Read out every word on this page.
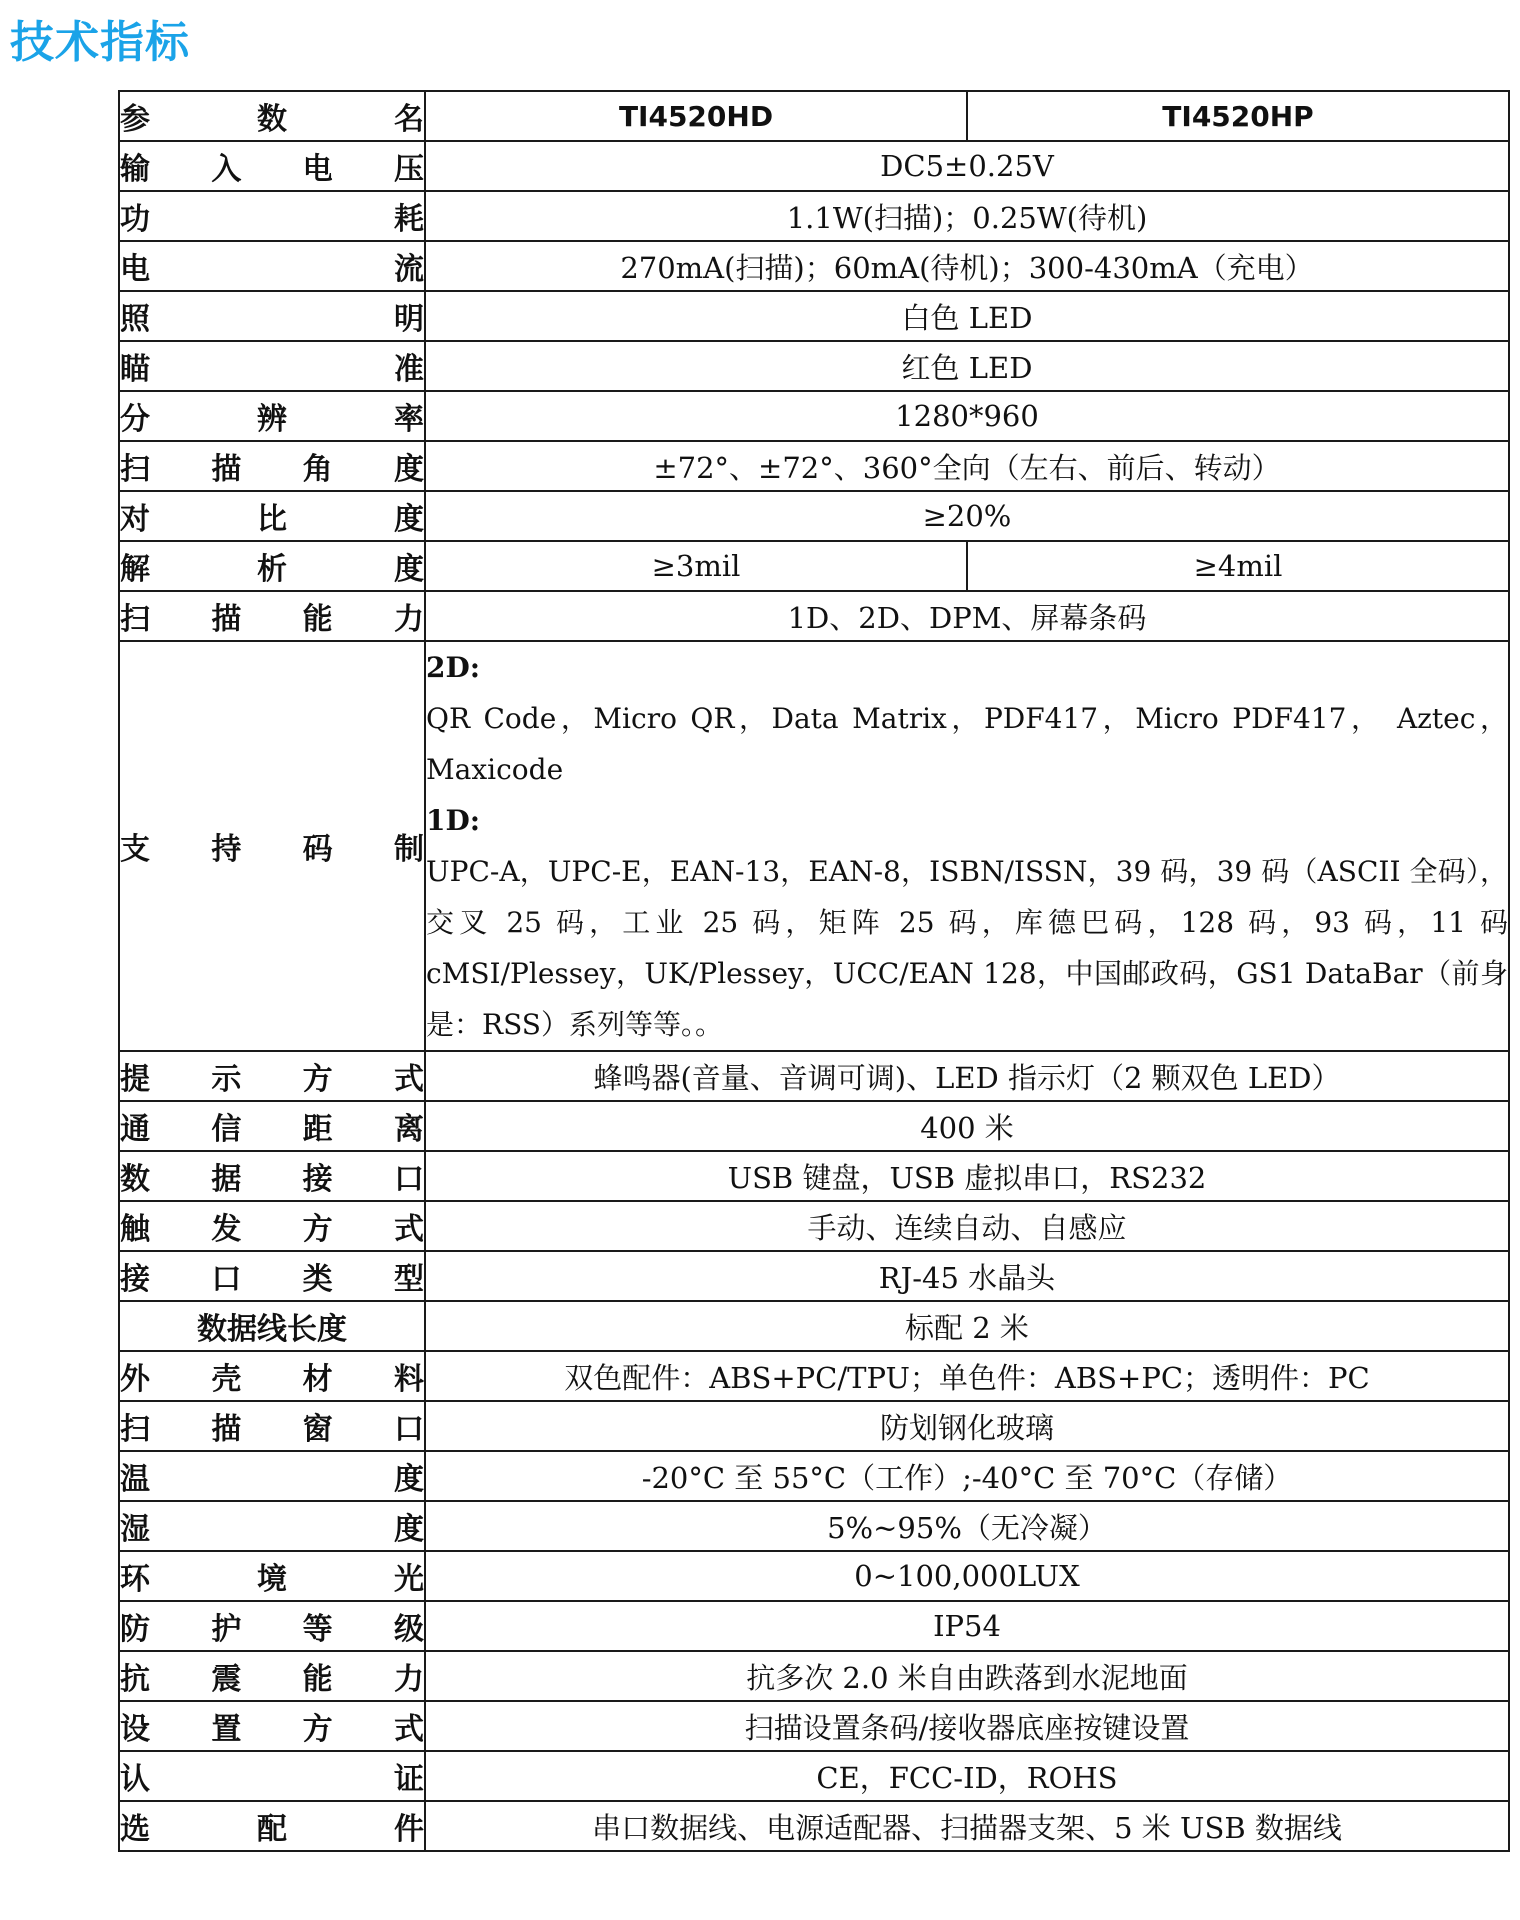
技术指标
参 数 名	TI4520HD	TI4520HP
输入电压	DC5±0.25V	
功 耗	1.1W(扫描)；0.25W(待机)	
电 流	270mA(扫描)；60mA(待机)；300-430mA（充电）	
照 明	白色 LED	
瞄 准	红色 LED	
分 辨 率	1280*960	
扫描角度	±72°、±72°、360°全向（左右、前后、转动）	
对 比 度	≥20%	
解 析 度	≥3mil	≥4mil
扫描能力	1D、2D、DPM、屏幕条码	
支持码制	2D:
QR Code，Micro QR，Data Matrix，PDF417，Micro PDF417， Aztec，Maxicode
1D:
UPC-A，UPC-E，EAN-13，EAN-8，ISBN/ISSN，39 码，39 码（ASCII 全码），交叉 25 码，工业 25 码，矩阵 25 码，库德巴码，128 码，93 码，11 码 cMSI/Plessey，UK/Plessey，UCC/EAN 128，中国邮政码，GS1 DataBar（前身是：RSS）系列等等。。	

提示方式	蜂鸣器(音量、音调可调)、LED 指示灯（2 颗双色 LED）	
通信距离	400 米	
数据接口	USB 键盘，USB 虚拟串口，RS232	
触发方式	手动、连续自动、自感应	
接口类型	RJ-45 水晶头	
数据线长度	标配 2 米	
外壳材料	双色配件：ABS+PC/TPU；单色件：ABS+PC；透明件：PC	
扫描窗口	防划钢化玻璃	
温 度	-20°C 至 55°C（工作）;-40°C 至 70°C（存储）	
湿 度	5%~95%（无冷凝）	
环 境 光	0~100,000LUX	
防护等级	IP54	
抗震能力	抗多次 2.0 米自由跌落到水泥地面	
设置方式	扫描设置条码/接收器底座按键设置	
认 证	CE，FCC-ID，ROHS	
选 配 件	串口数据线、电源适配器、扫描器支架、5 米 USB 数据线	
